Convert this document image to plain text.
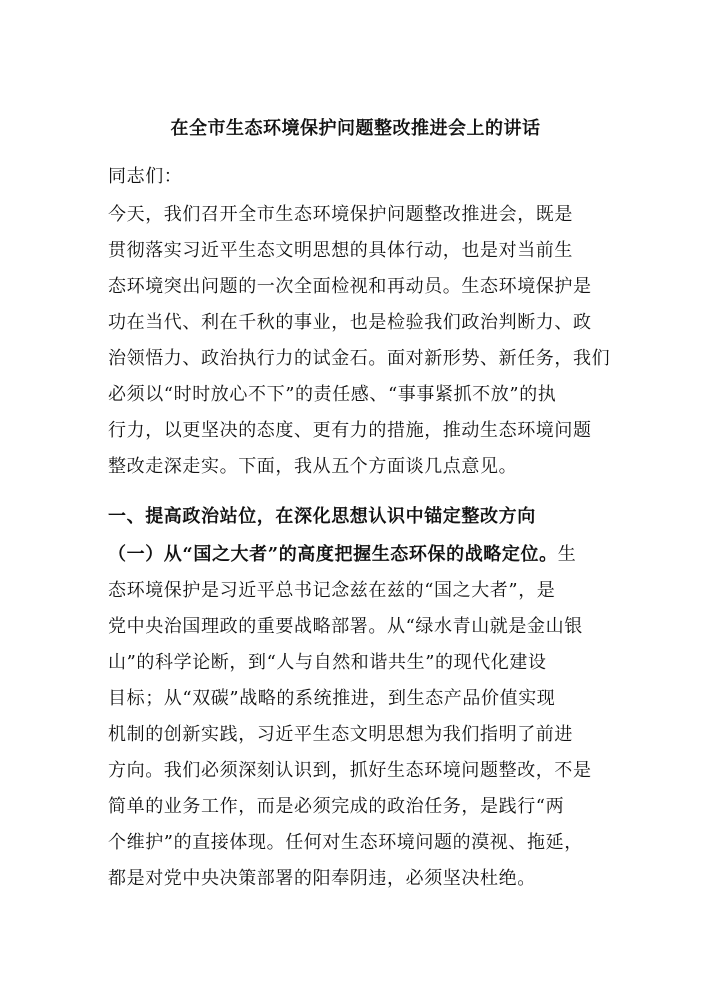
在全市生态环境保护问题整改推进会上的讲话
同志们：
今天，我们召开全市生态环境保护问题整改推进会，既是
贯彻落实习近平生态文明思想的具体行动，也是对当前生
态环境突出问题的一次全面检视和再动员。生态环境保护是
功在当代、利在千秋的事业，也是检验我们政治判断力、政
治领悟力、政治执行力的试金石。面对新形势、新任务，我们
必须以“时时放心不下”的责任感、“事事紧抓不放”的执
行力，以更坚决的态度、更有力的措施，推动生态环境问题
整改走深走实。下面，我从五个方面谈几点意见。
一、提高政治站位，在深化思想认识中锚定整改方向
（一）从“国之大者”的高度把握生态环保的战略定位。生
态环境保护是习近平总书记念兹在兹的“国之大者”，是
党中央治国理政的重要战略部署。从“绿水青山就是金山银
山”的科学论断，到“人与自然和谐共生”的现代化建设
目标；从“双碳”战略的系统推进，到生态产品价值实现
机制的创新实践，习近平生态文明思想为我们指明了前进
方向。我们必须深刻认识到，抓好生态环境问题整改，不是
简单的业务工作，而是必须完成的政治任务，是践行“两
个维护”的直接体现。任何对生态环境问题的漠视、拖延，
都是对党中央决策部署的阳奉阴违，必须坚决杜绝。
